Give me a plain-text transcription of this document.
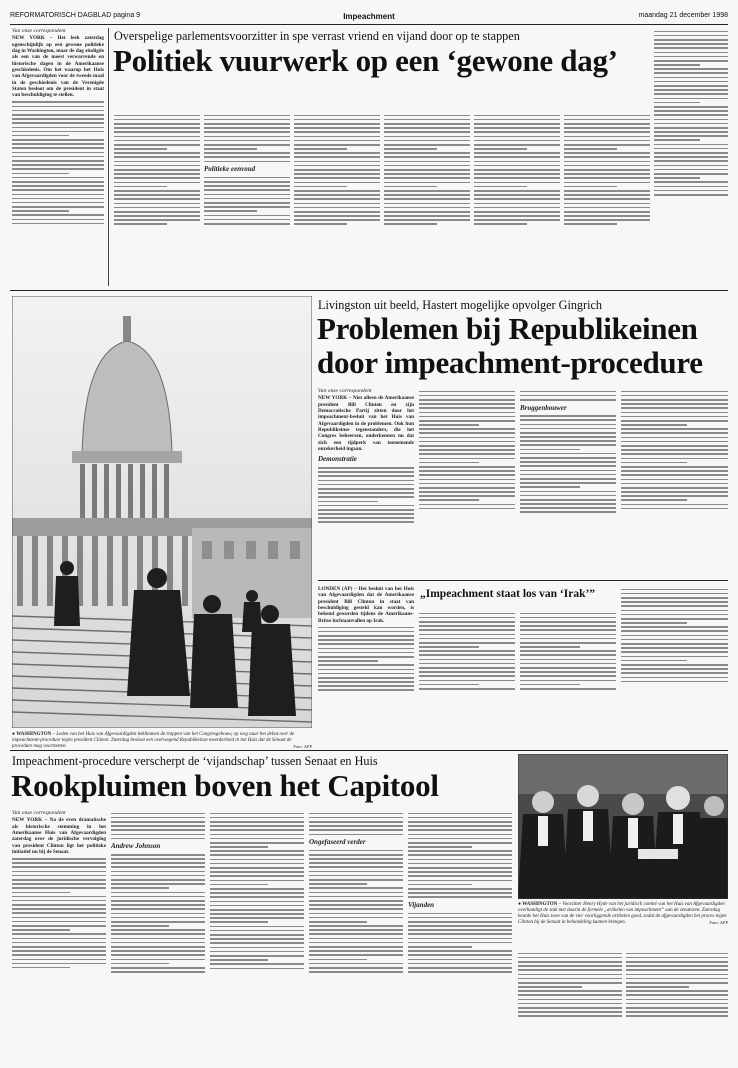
REFORMATORISCH DAGBLAD pagina 9	Impeachment	maandag 21 december 1998
Van onze correspondent
NEW YORK – Het leek zaterdag ogenschijnlijk op een gewone politieke dag in Washington, maar de dag eindigde als een van de meest verwarrende en historische dagen in de Amerikaanse geschiedenis. Om het waarop het Huis van Afgevaardigden voor de tweede maal in de geschiedenis van de Verenigde Staten besloot om de president in staat van beschuldiging te stellen.
Overspelige parlementsvoorzitter in spe verrast vriend en vijand door op te stappen
Politiek vuurwerk op een ‘gewone dag’
Politieke eenvoud
● WASHINGTON – Leden van het Huis van Afgevaardigden beklimmen de trappen van het Congresgebouw, op weg naar het debat over de impeachment-procedure tegen president Clinton. Zaterdag besloot een overwegend Republikeinse meerderheid in het Huis dat de Senaat de procedure mag voortzetten.	Foto: AFP
Livingston uit beeld, Hastert mogelijke opvolger Gingrich
Problemen bij Republikeinen
door impeachment-procedure
Van onze correspondent
NEW YORK – Niet alleen de Amerikaanse president Bill Clinton en zijn Democratische Partij zitten door het impeachment-besluit van het Huis van Afgevaardigden in de problemen. Ook hun Republikeinse tegenstanders, die het Congres beheersen, onderkennen nu dat zich een tijdperk van toenemende onzekerheid ingaan.
Demonstratie
Bruggenbouwer
LONDEN (AP) – Het besluit van het Huis van Afgevaardigden dat de Amerikaanse president Bill Clinton in staat van beschuldiging gesteld kan worden, is bekend geworden tijdens de Amerikaans-Britse luchtaanvallen op Irak.
„Impeachment staat los van ‘Irak’”
Impeachment-procedure verscherpt de ‘vijandschap’ tussen Senaat en Huis
Rookpluimen boven het Capitool
Van onze correspondent
NEW YORK – Na de even dramatische als historische stemming in het Amerikaanse Huis van Afgevaardigden zaterdag over de juridische vervolging van president Clinton ligt het politieke initiatief nu bij de Senaat.
Andrew Johnson
Ongefaseerd verder
Vijanden	● WASHINGTON – Voorzitter Henry Hyde van het juridisch comité van het Huis van Afgevaardigden overhandigt de stuk met daarin de formele „artikelen van impeachment” aan de senatoren. Zaterdag keurde het Huis twee van de vier voorliggende artikelen goed, zodat de afgevaardigden het proces tegen Clinton bij de Senaat in behandeling kunnen brengen.	Foto: AFP
